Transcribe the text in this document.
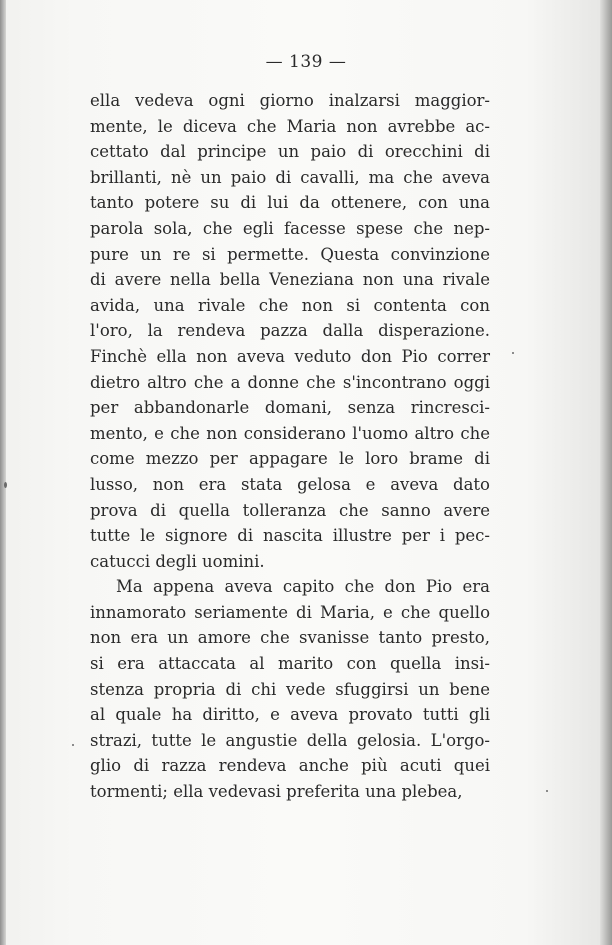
— 139 —
ella vedeva ogni giorno inalzarsi maggior-
mente, le diceva che Maria non avrebbe ac-
cettato dal principe un paio di orecchini di
brillanti, nè un paio di cavalli, ma che aveva
tanto potere su di lui da ottenere, con una
parola sola, che egli facesse spese che nep-
pure un re si permette. Questa convinzione
di avere nella bella Veneziana non una rivale
avida, una rivale che non si contenta con
l'oro, la rendeva pazza dalla disperazione.
Finchè ella non aveva veduto don Pio correr
dietro altro che a donne che s'incontrano oggi
per abbandonarle domani, senza rincresci-
mento, e che non considerano l'uomo altro che
come mezzo per appagare le loro brame di
lusso, non era stata gelosa e aveva dato
prova di quella tolleranza che sanno avere
tutte le signore di nascita illustre per i pec-
catucci degli uomini.
Ma appena aveva capito che don Pio era
innamorato seriamente di Maria, e che quello
non era un amore che svanisse tanto presto,
si era attaccata al marito con quella insi-
stenza propria di chi vede sfuggirsi un bene
al quale ha diritto, e aveva provato tutti gli
strazi, tutte le angustie della gelosia. L'orgo-
glio di razza rendeva anche più acuti quei
tormenti; ella vedevasi preferita una plebea,
